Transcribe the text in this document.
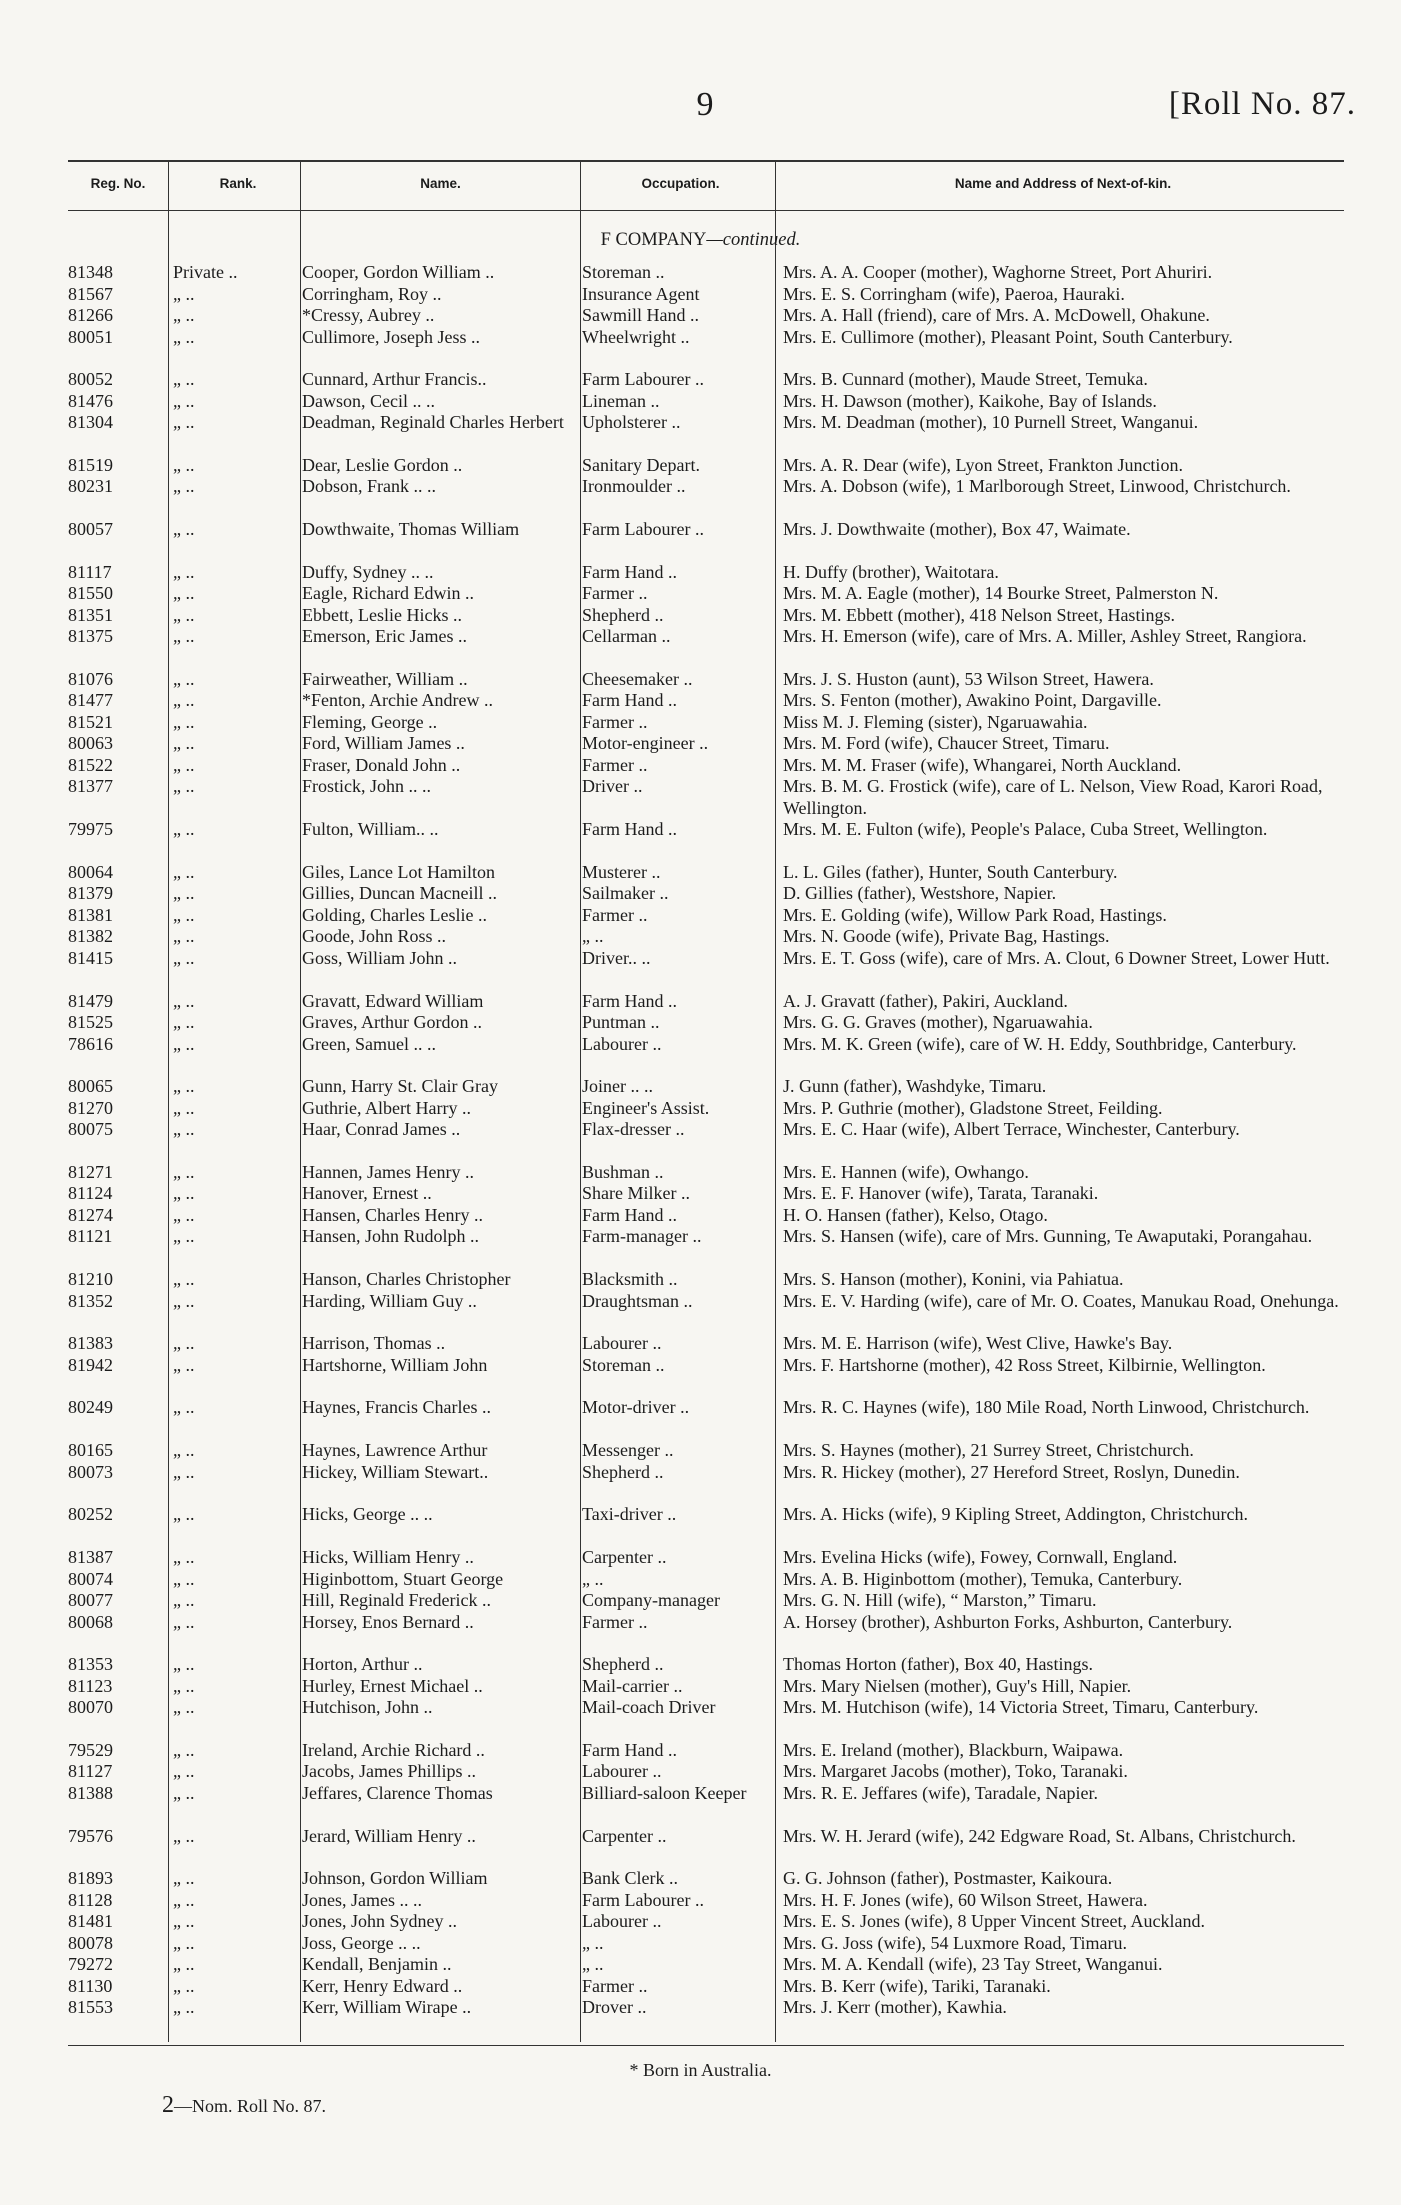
9	[Roll No. 87.
Reg. No.	Rank.	Name.	Occupation.	Name and Address of Next-of-kin.
F COMPANY—continued.
81348	Private ..	Cooper, Gordon William ..	Storeman ..	Mrs. A. A. Cooper (mother), Waghorne Street, Port Ahuriri.
81567	„ ..	Corringham, Roy ..	Insurance Agent	Mrs. E. S. Corringham (wife), Paeroa, Hauraki.
81266	„ ..	*Cressy, Aubrey ..	Sawmill Hand ..	Mrs. A. Hall (friend), care of Mrs. A. McDowell, Ohakune.
80051	„ ..	Cullimore, Joseph Jess ..	Wheelwright ..	Mrs. E. Cullimore (mother), Pleasant Point, South Canterbury.
80052	„ ..	Cunnard, Arthur Francis..	Farm Labourer ..	Mrs. B. Cunnard (mother), Maude Street, Temuka.
81476	„ ..	Dawson, Cecil .. ..	Lineman ..	Mrs. H. Dawson (mother), Kaikohe, Bay of Islands.
81304	„ ..	Deadman, Reginald Charles Herbert	Upholsterer ..	Mrs. M. Deadman (mother), 10 Purnell Street, Wanganui.
81519	„ ..	Dear, Leslie Gordon ..	Sanitary Depart.	Mrs. A. R. Dear (wife), Lyon Street, Frankton Junction.
80231	„ ..	Dobson, Frank .. ..	Ironmoulder ..	Mrs. A. Dobson (wife), 1 Marlborough Street, Linwood, Christchurch.
80057	„ ..	Dowthwaite, Thomas William	Farm Labourer ..	Mrs. J. Dowthwaite (mother), Box 47, Waimate.
81117	„ ..	Duffy, Sydney .. ..	Farm Hand ..	H. Duffy (brother), Waitotara.
81550	„ ..	Eagle, Richard Edwin ..	Farmer ..	Mrs. M. A. Eagle (mother), 14 Bourke Street, Palmerston N.
81351	„ ..	Ebbett, Leslie Hicks ..	Shepherd ..	Mrs. M. Ebbett (mother), 418 Nelson Street, Hastings.
81375	„ ..	Emerson, Eric James ..	Cellarman ..	Mrs. H. Emerson (wife), care of Mrs. A. Miller, Ashley Street, Rangiora.
81076	„ ..	Fairweather, William ..	Cheesemaker ..	Mrs. J. S. Huston (aunt), 53 Wilson Street, Hawera.
81477	„ ..	*Fenton, Archie Andrew ..	Farm Hand ..	Mrs. S. Fenton (mother), Awakino Point, Dargaville.
81521	„ ..	Fleming, George ..	Farmer ..	Miss M. J. Fleming (sister), Ngaruawahia.
80063	„ ..	Ford, William James ..	Motor-engineer ..	Mrs. M. Ford (wife), Chaucer Street, Timaru.
81522	„ ..	Fraser, Donald John ..	Farmer ..	Mrs. M. M. Fraser (wife), Whangarei, North Auckland.
81377	„ ..	Frostick, John .. ..	Driver ..	Mrs. B. M. G. Frostick (wife), care of L. Nelson, View Road, Karori Road, Wellington.
79975	„ ..	Fulton, William.. ..	Farm Hand ..	Mrs. M. E. Fulton (wife), People's Palace, Cuba Street, Wellington.
80064	„ ..	Giles, Lance Lot Hamilton	Musterer ..	L. L. Giles (father), Hunter, South Canterbury.
81379	„ ..	Gillies, Duncan Macneill ..	Sailmaker ..	D. Gillies (father), Westshore, Napier.
81381	„ ..	Golding, Charles Leslie ..	Farmer ..	Mrs. E. Golding (wife), Willow Park Road, Hastings.
81382	„ ..	Goode, John Ross ..	„ ..	Mrs. N. Goode (wife), Private Bag, Hastings.
81415	„ ..	Goss, William John ..	Driver.. ..	Mrs. E. T. Goss (wife), care of Mrs. A. Clout, 6 Downer Street, Lower Hutt.
81479	„ ..	Gravatt, Edward William	Farm Hand ..	A. J. Gravatt (father), Pakiri, Auckland.
81525	„ ..	Graves, Arthur Gordon ..	Puntman ..	Mrs. G. G. Graves (mother), Ngaruawahia.
78616	„ ..	Green, Samuel .. ..	Labourer ..	Mrs. M. K. Green (wife), care of W. H. Eddy, Southbridge, Canterbury.
80065	„ ..	Gunn, Harry St. Clair Gray	Joiner .. ..	J. Gunn (father), Washdyke, Timaru.
81270	„ ..	Guthrie, Albert Harry ..	Engineer's Assist.	Mrs. P. Guthrie (mother), Gladstone Street, Feilding.
80075	„ ..	Haar, Conrad James ..	Flax-dresser ..	Mrs. E. C. Haar (wife), Albert Terrace, Winchester, Canterbury.
81271	„ ..	Hannen, James Henry ..	Bushman ..	Mrs. E. Hannen (wife), Owhango.
81124	„ ..	Hanover, Ernest ..	Share Milker ..	Mrs. E. F. Hanover (wife), Tarata, Taranaki.
81274	„ ..	Hansen, Charles Henry ..	Farm Hand ..	H. O. Hansen (father), Kelso, Otago.
81121	„ ..	Hansen, John Rudolph ..	Farm-manager ..	Mrs. S. Hansen (wife), care of Mrs. Gunning, Te Awaputaki, Porangahau.
81210	„ ..	Hanson, Charles Christopher	Blacksmith ..	Mrs. S. Hanson (mother), Konini, via Pahiatua.
81352	„ ..	Harding, William Guy ..	Draughtsman ..	Mrs. E. V. Harding (wife), care of Mr. O. Coates, Manukau Road, Onehunga.
81383	„ ..	Harrison, Thomas ..	Labourer ..	Mrs. M. E. Harrison (wife), West Clive, Hawke's Bay.
81942	„ ..	Hartshorne, William John	Storeman ..	Mrs. F. Hartshorne (mother), 42 Ross Street, Kilbirnie, Wellington.
80249	„ ..	Haynes, Francis Charles ..	Motor-driver ..	Mrs. R. C. Haynes (wife), 180 Mile Road, North Linwood, Christchurch.
80165	„ ..	Haynes, Lawrence Arthur	Messenger ..	Mrs. S. Haynes (mother), 21 Surrey Street, Christchurch.
80073	„ ..	Hickey, William Stewart..	Shepherd ..	Mrs. R. Hickey (mother), 27 Hereford Street, Roslyn, Dunedin.
80252	„ ..	Hicks, George .. ..	Taxi-driver ..	Mrs. A. Hicks (wife), 9 Kipling Street, Addington, Christchurch.
81387	„ ..	Hicks, William Henry ..	Carpenter ..	Mrs. Evelina Hicks (wife), Fowey, Cornwall, England.
80074	„ ..	Higinbottom, Stuart George	„ ..	Mrs. A. B. Higinbottom (mother), Temuka, Canterbury.
80077	„ ..	Hill, Reginald Frederick ..	Company-manager	Mrs. G. N. Hill (wife), “ Marston,” Timaru.
80068	„ ..	Horsey, Enos Bernard ..	Farmer ..	A. Horsey (brother), Ashburton Forks, Ashburton, Canterbury.
81353	„ ..	Horton, Arthur ..	Shepherd ..	Thomas Horton (father), Box 40, Hastings.
81123	„ ..	Hurley, Ernest Michael ..	Mail-carrier ..	Mrs. Mary Nielsen (mother), Guy's Hill, Napier.
80070	„ ..	Hutchison, John ..	Mail-coach Driver	Mrs. M. Hutchison (wife), 14 Victoria Street, Timaru, Canterbury.
79529	„ ..	Ireland, Archie Richard ..	Farm Hand ..	Mrs. E. Ireland (mother), Blackburn, Waipawa.
81127	„ ..	Jacobs, James Phillips ..	Labourer ..	Mrs. Margaret Jacobs (mother), Toko, Taranaki.
81388	„ ..	Jeffares, Clarence Thomas	Billiard-saloon Keeper	Mrs. R. E. Jeffares (wife), Taradale, Napier.
79576	„ ..	Jerard, William Henry ..	Carpenter ..	Mrs. W. H. Jerard (wife), 242 Edgware Road, St. Albans, Christchurch.
81893	„ ..	Johnson, Gordon William	Bank Clerk ..	G. G. Johnson (father), Postmaster, Kaikoura.
81128	„ ..	Jones, James .. ..	Farm Labourer ..	Mrs. H. F. Jones (wife), 60 Wilson Street, Hawera.
81481	„ ..	Jones, John Sydney ..	Labourer ..	Mrs. E. S. Jones (wife), 8 Upper Vincent Street, Auckland.
80078	„ ..	Joss, George .. ..	„ ..	Mrs. G. Joss (wife), 54 Luxmore Road, Timaru.
79272	„ ..	Kendall, Benjamin ..	„ ..	Mrs. M. A. Kendall (wife), 23 Tay Street, Wanganui.
81130	„ ..	Kerr, Henry Edward ..	Farmer ..	Mrs. B. Kerr (wife), Tariki, Taranaki.
81553	„ ..	Kerr, William Wirape ..	Drover ..	Mrs. J. Kerr (mother), Kawhia.
* Born in Australia.
2—Nom. Roll No. 87.
